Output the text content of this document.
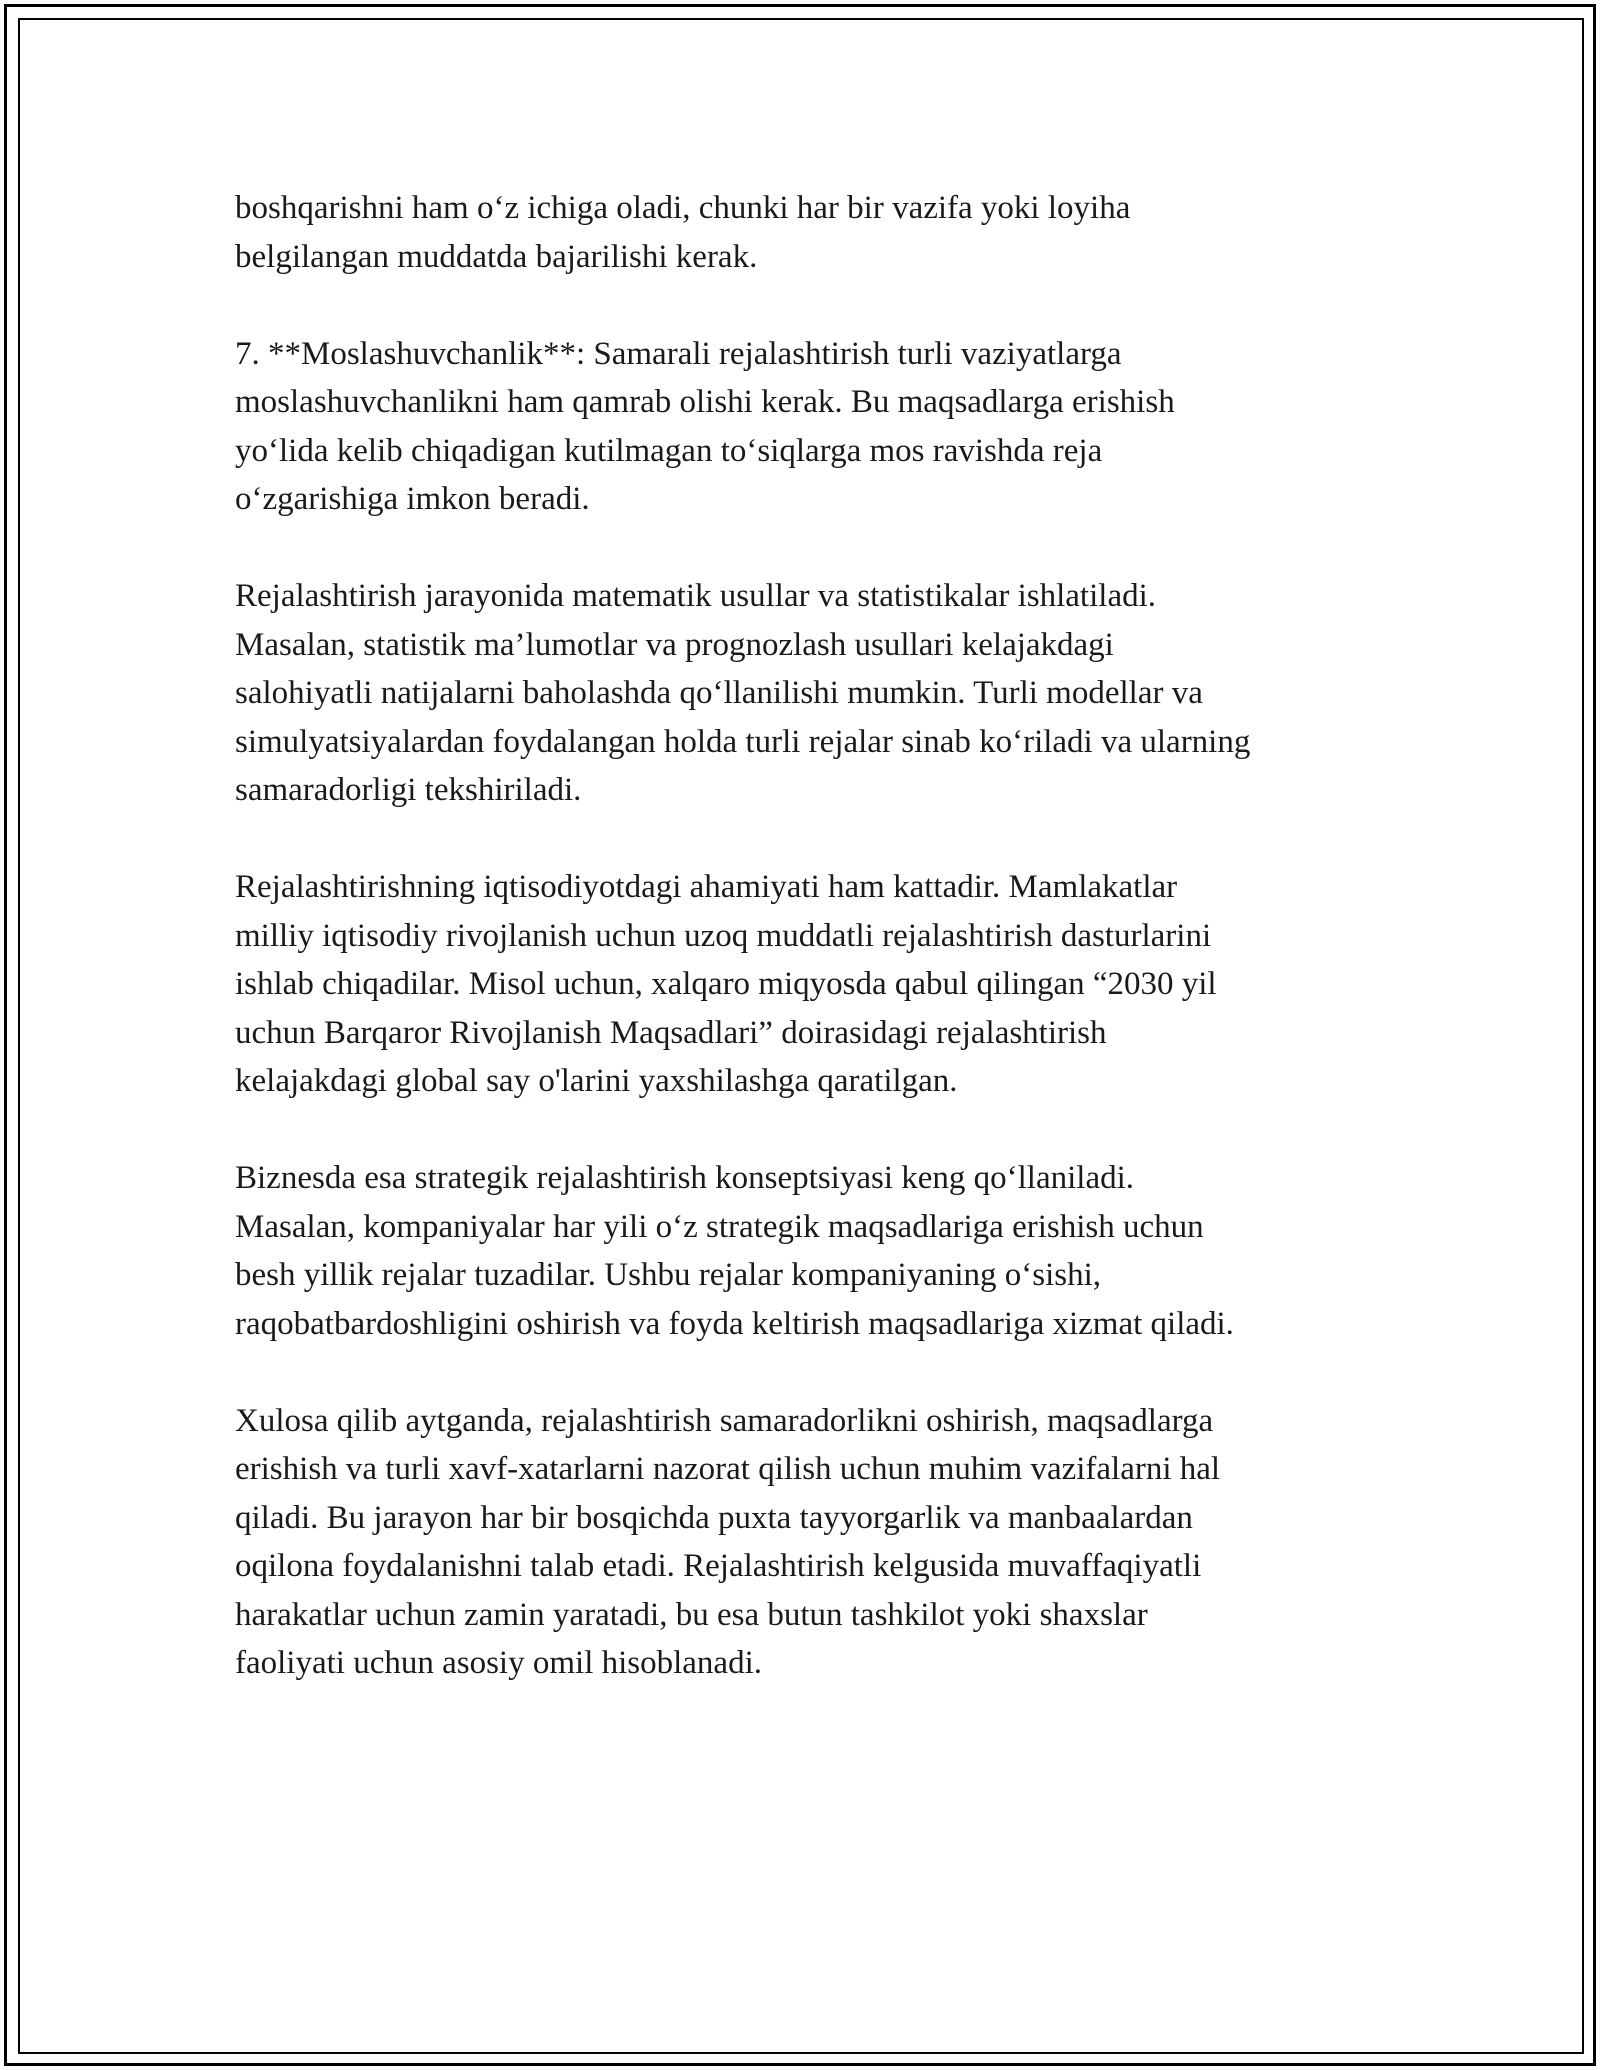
boshqarishni ham o‘z ichiga oladi, chunki har bir vazifa yoki loyiha
belgilangan muddatda bajarilishi kerak.

7. **Moslashuvchanlik**: Samarali rejalashtirish turli vaziyatlarga
moslashuvchanlikni ham qamrab olishi kerak. Bu maqsadlarga erishish
yo‘lida kelib chiqadigan kutilmagan to‘siqlarga mos ravishda reja
o‘zgarishiga imkon beradi.

Rejalashtirish jarayonida matematik usullar va statistikalar ishlatiladi.
Masalan, statistik ma’lumotlar va prognozlash usullari kelajakdagi
salohiyatli natijalarni baholashda qo‘llanilishi mumkin. Turli modellar va
simulyatsiyalardan foydalangan holda turli rejalar sinab ko‘riladi va ularning
samaradorligi tekshiriladi.

Rejalashtirishning iqtisodiyotdagi ahamiyati ham kattadir. Mamlakatlar
milliy iqtisodiy rivojlanish uchun uzoq muddatli rejalashtirish dasturlarini
ishlab chiqadilar. Misol uchun, xalqaro miqyosda qabul qilingan “2030 yil
uchun Barqaror Rivojlanish Maqsadlari” doirasidagi rejalashtirish
kelajakdagi global say o'larini yaxshilashga qaratilgan.

Biznesda esa strategik rejalashtirish konseptsiyasi keng qo‘llaniladi.
Masalan, kompaniyalar har yili o‘z strategik maqsadlariga erishish uchun
besh yillik rejalar tuzadilar. Ushbu rejalar kompaniyaning o‘sishi,
raqobatbardoshligini oshirish va foyda keltirish maqsadlariga xizmat qiladi.

Xulosa qilib aytganda, rejalashtirish samaradorlikni oshirish, maqsadlarga
erishish va turli xavf-xatarlarni nazorat qilish uchun muhim vazifalarni hal
qiladi. Bu jarayon har bir bosqichda puxta tayyorgarlik va manbaalardan
oqilona foydalanishni talab etadi. Rejalashtirish kelgusida muvaffaqiyatli
harakatlar uchun zamin yaratadi, bu esa butun tashkilot yoki shaxslar
faoliyati uchun asosiy omil hisoblanadi.
